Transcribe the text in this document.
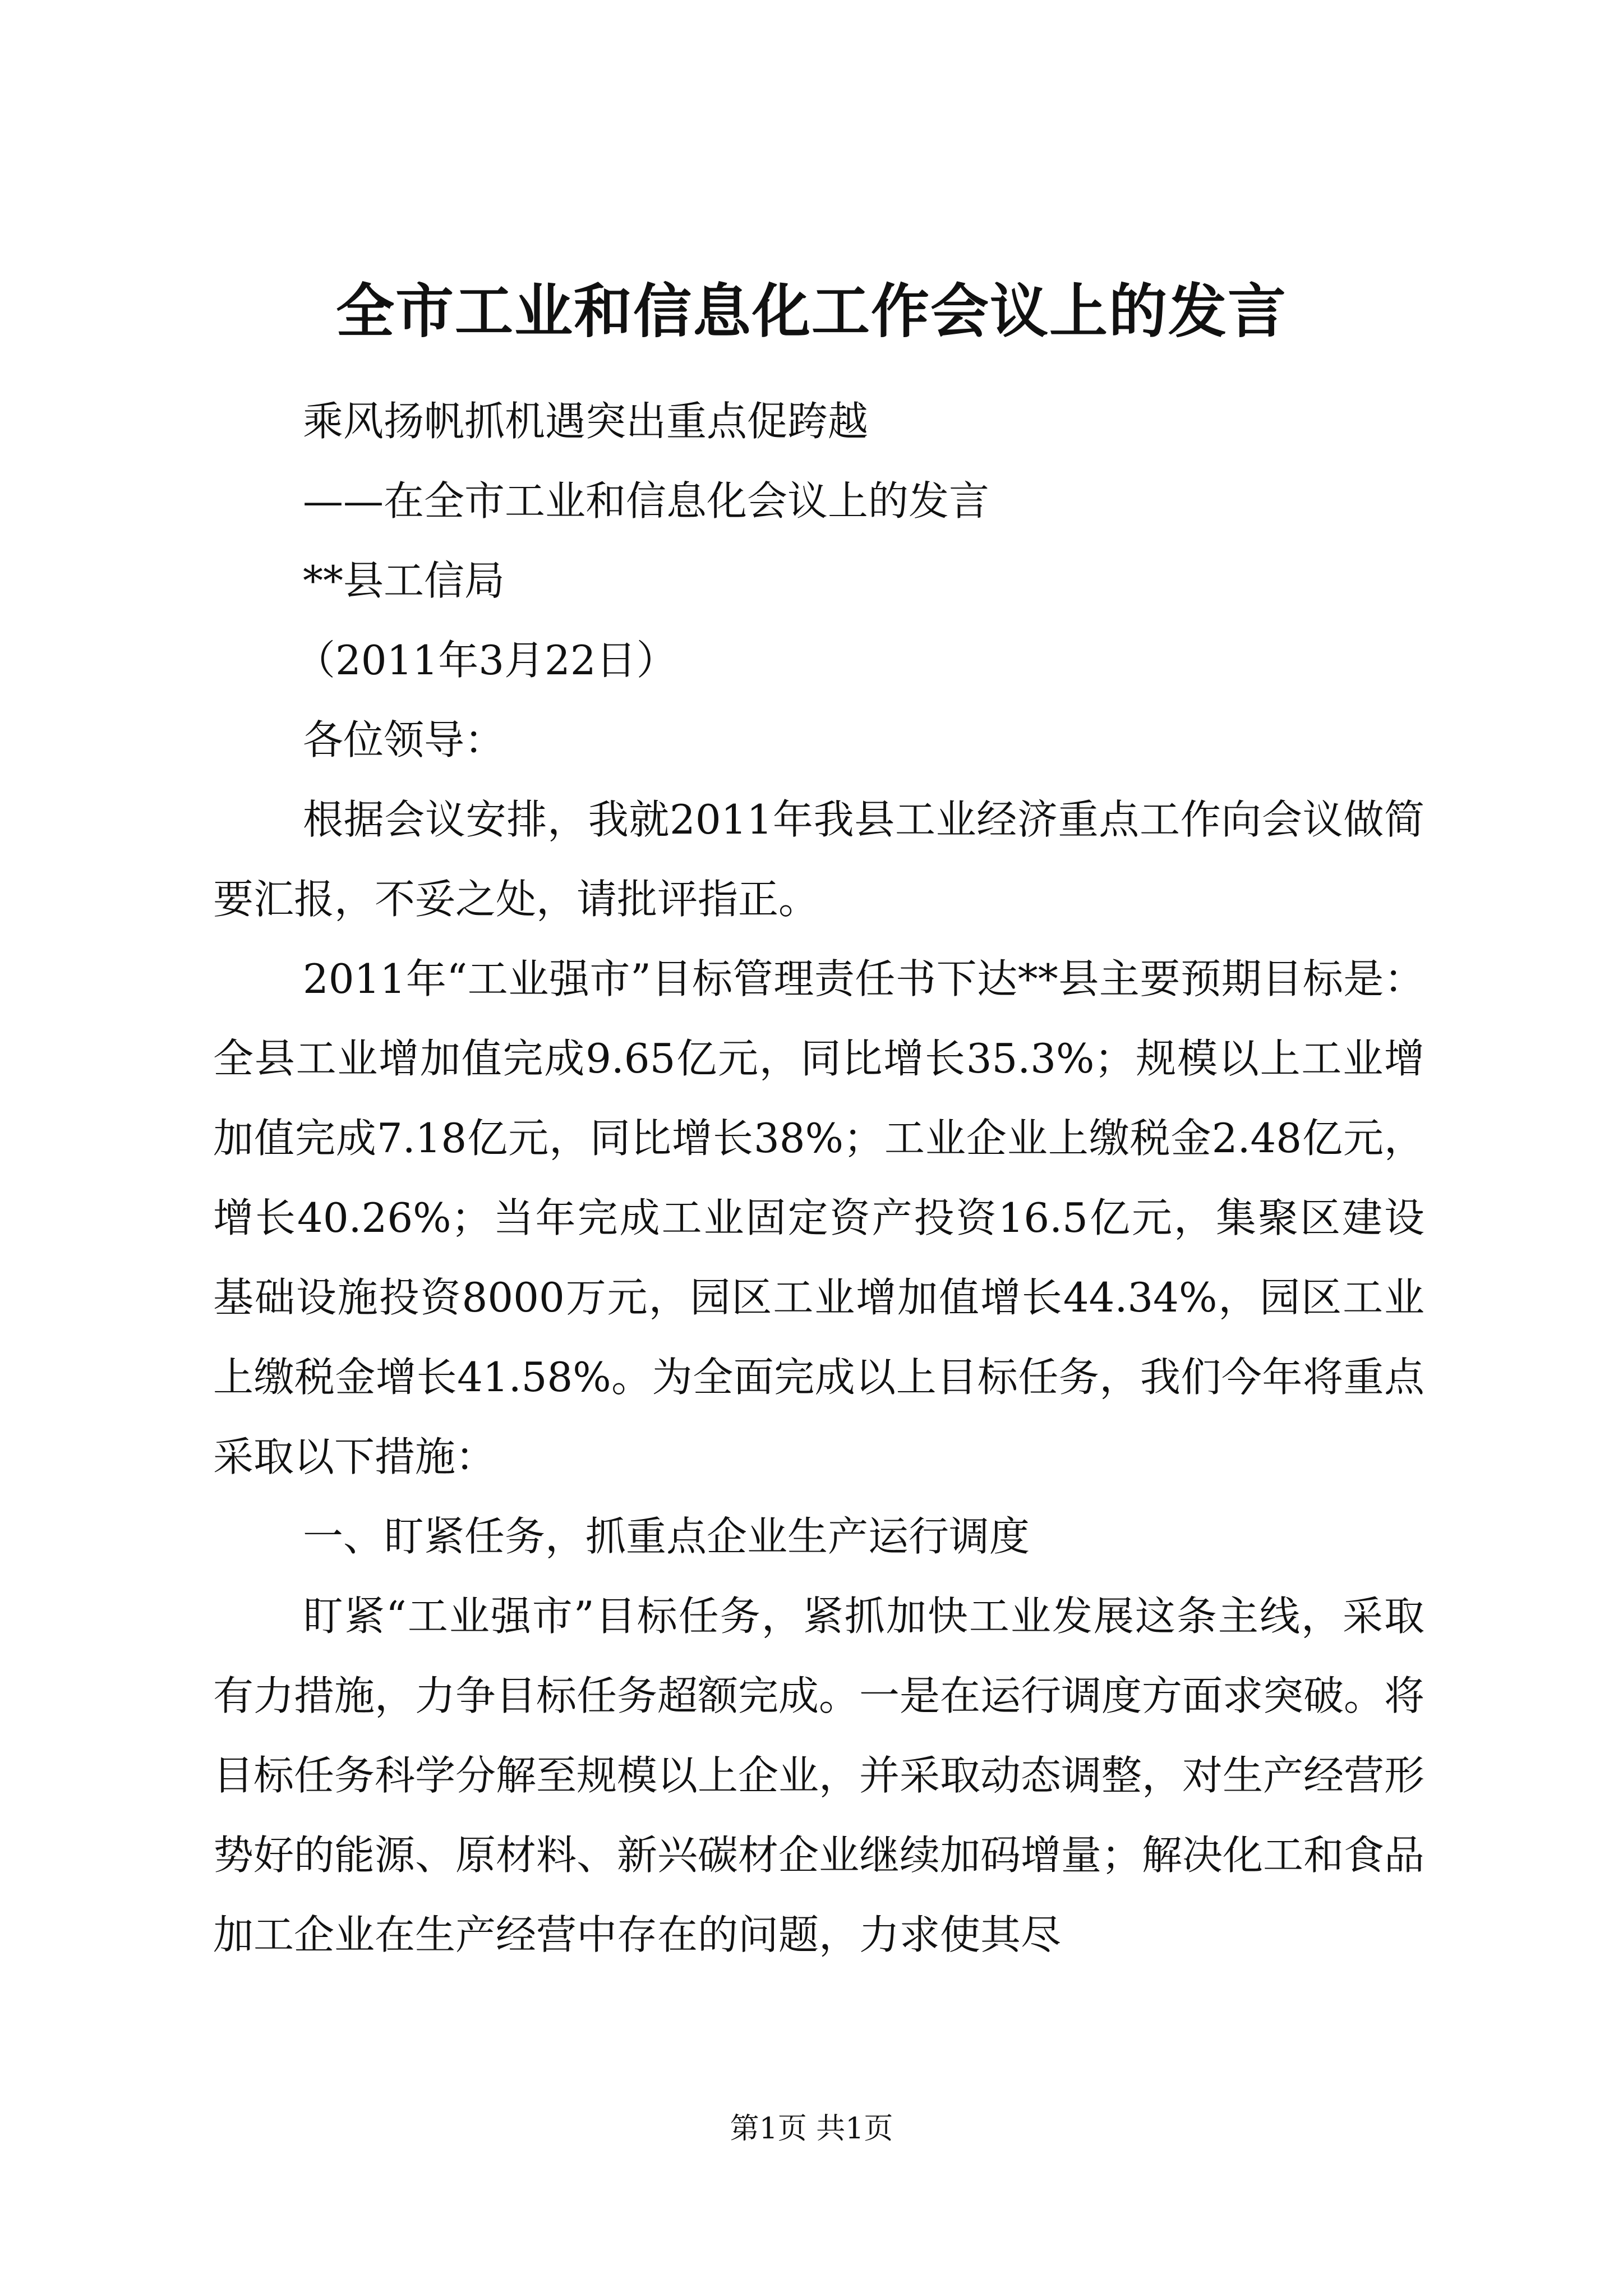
全市工业和信息化工作会议上的发言

乘风扬帆抓机遇突出重点促跨越

——在全市工业和信息化会议上的发言

**县工信局

（2011年3月22日）

各位领导：

根据会议安排，我就2011年我县工业经济重点工作向会议做简要汇报，不妥之处，请批评指正。

2011年“工业强市”目标管理责任书下达**县主要预期目标是：全县工业增加值完成9.65亿元，同比增长35.3%；规模以上工业增加值完成7.18亿元，同比增长38%；工业企业上缴税金2.48亿元，增长40.26%；当年完成工业固定资产投资16.5亿元，集聚区建设基础设施投资8000万元，园区工业增加值增长44.34%，园区工业上缴税金增长41.58%。为全面完成以上目标任务，我们今年将重点采取以下措施：

一、盯紧任务，抓重点企业生产运行调度

盯紧“工业强市”目标任务，紧抓加快工业发展这条主线，采取有力措施，力争目标任务超额完成。一是在运行调度方面求突破。将目标任务科学分解至规模以上企业，并采取动态调整，对生产经营形势好的能源、原材料、新兴碳材企业继续加码增量；解决化工和食品加工企业在生产经营中存在的问题，力求使其尽

第1页 共1页
